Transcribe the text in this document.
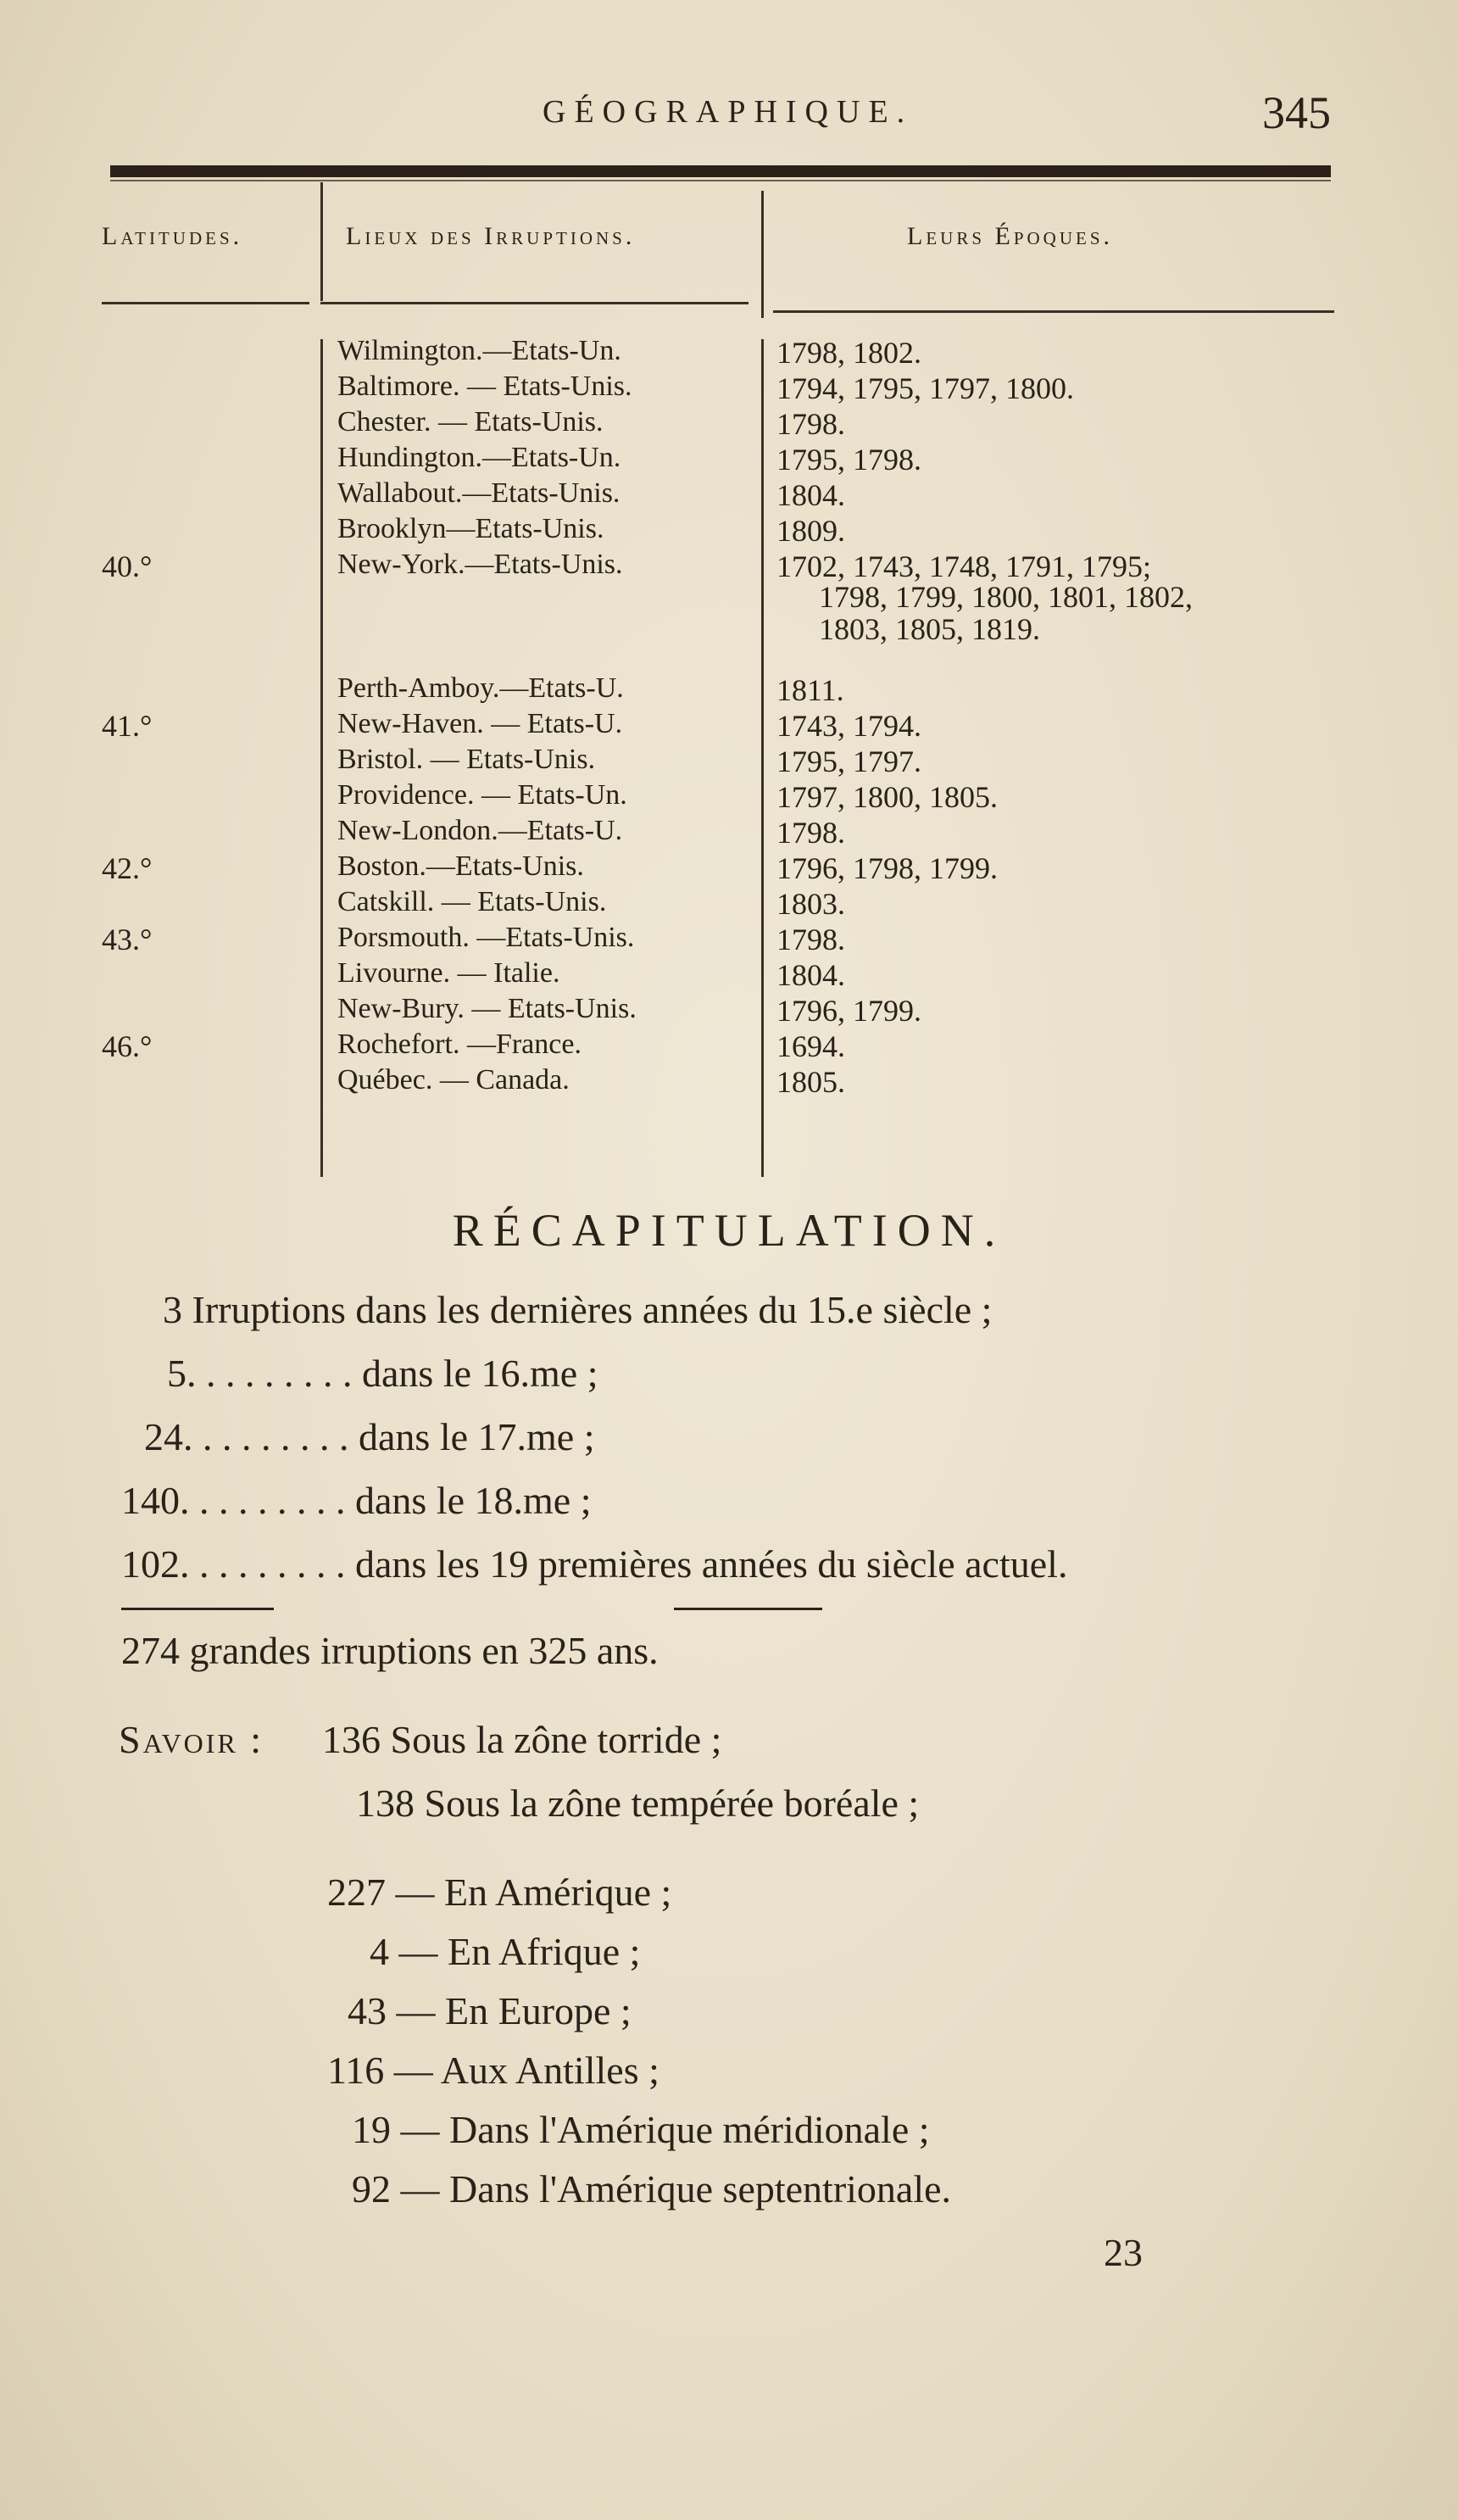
GÉOGRAPHIQUE.	345
Latitudes.	Lieux des Irruptions.	Leurs Époques.
Wilmington.—Etats-Un.	1798, 1802.
Baltimore. — Etats-Unis.	1794, 1795, 1797, 1800.
Chester. — Etats-Unis.	1798.
Hundington.—Etats-Un.	1795, 1798.
Wallabout.—Etats-Unis.	1804.
Brooklyn—Etats-Unis.	1809.
40.°	New-York.—Etats-Unis.	1702, 1743, 1748, 1791, 1795;
1798, 1799, 1800, 1801, 1802,
1803, 1805, 1819.
Perth-Amboy.—Etats-U.	1811.
41.°	New-Haven. — Etats-U.	1743, 1794.
Bristol. — Etats-Unis.	1795, 1797.
Providence. — Etats-Un.	1797, 1800, 1805.
New-London.—Etats-U.	1798.
42.°	Boston.—Etats-Unis.	1796, 1798, 1799.
Catskill. — Etats-Unis.	1803.
43.°	Porsmouth. —Etats-Unis.	1798.
Livourne. — Italie.	1804.
New-Bury. — Etats-Unis.	1796, 1799.
46.°	Rochefort. —France.	1694.
Québec. — Canada.	1805.
RÉCAPITULATION.
3 Irruptions dans les dernières années du 15.e siècle ;
5. . . . . . . . . dans le 16.me ;
24. . . . . . . . . dans le 17.me ;
140. . . . . . . . . dans le 18.me ;
102. . . . . . . . . dans les 19 premières années du siècle actuel.
274 grandes irruptions en 325 ans.
Savoir :	136 Sous la zône torride ;
138 Sous la zône tempérée boréale ;
227 — En Amérique ;
4 — En Afrique ;
43 — En Europe ;
116 — Aux Antilles ;
19 — Dans l'Amérique méridionale ;
92 — Dans l'Amérique septentrionale.
23
